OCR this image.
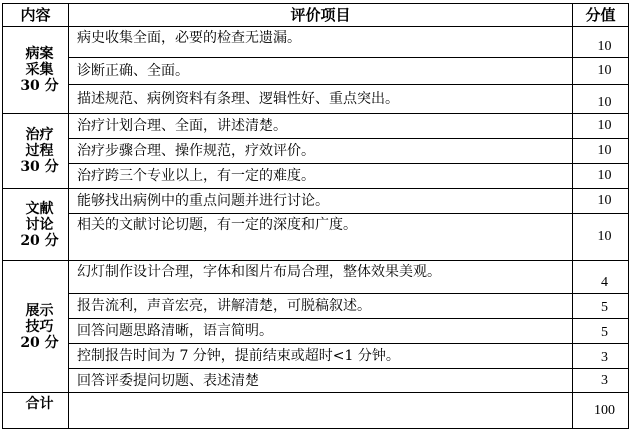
内容	评价项目	分值

病案
采集
30 分	病史收集全面，必要的检查无遗漏。	10
	诊断正确、全面。	10
	描述规范、病例资料有条理、逻辑性好、重点突出。	10

治疗
过程
30 分	治疗计划合理、全面，讲述清楚。	10
	治疗步骤合理、操作规范，疗效评价。	10
	治疗跨三个专业以上，有一定的难度。	10

文献
讨论
20 分	能够找出病例中的重点问题并进行讨论。	10
	相关的文献讨论切题，有一定的深度和广度。	10

展示
技巧
20 分	幻灯制作设计合理，字体和图片布局合理，整体效果美观。	4
	报告流利，声音宏亮，讲解清楚，可脱稿叙述。	5
	回答问题思路清晰，语言简明。	5
	控制报告时间为 7 分钟，提前结束或超时<1 分钟。	3
	回答评委提问切题、表述清楚	3
合计		100
